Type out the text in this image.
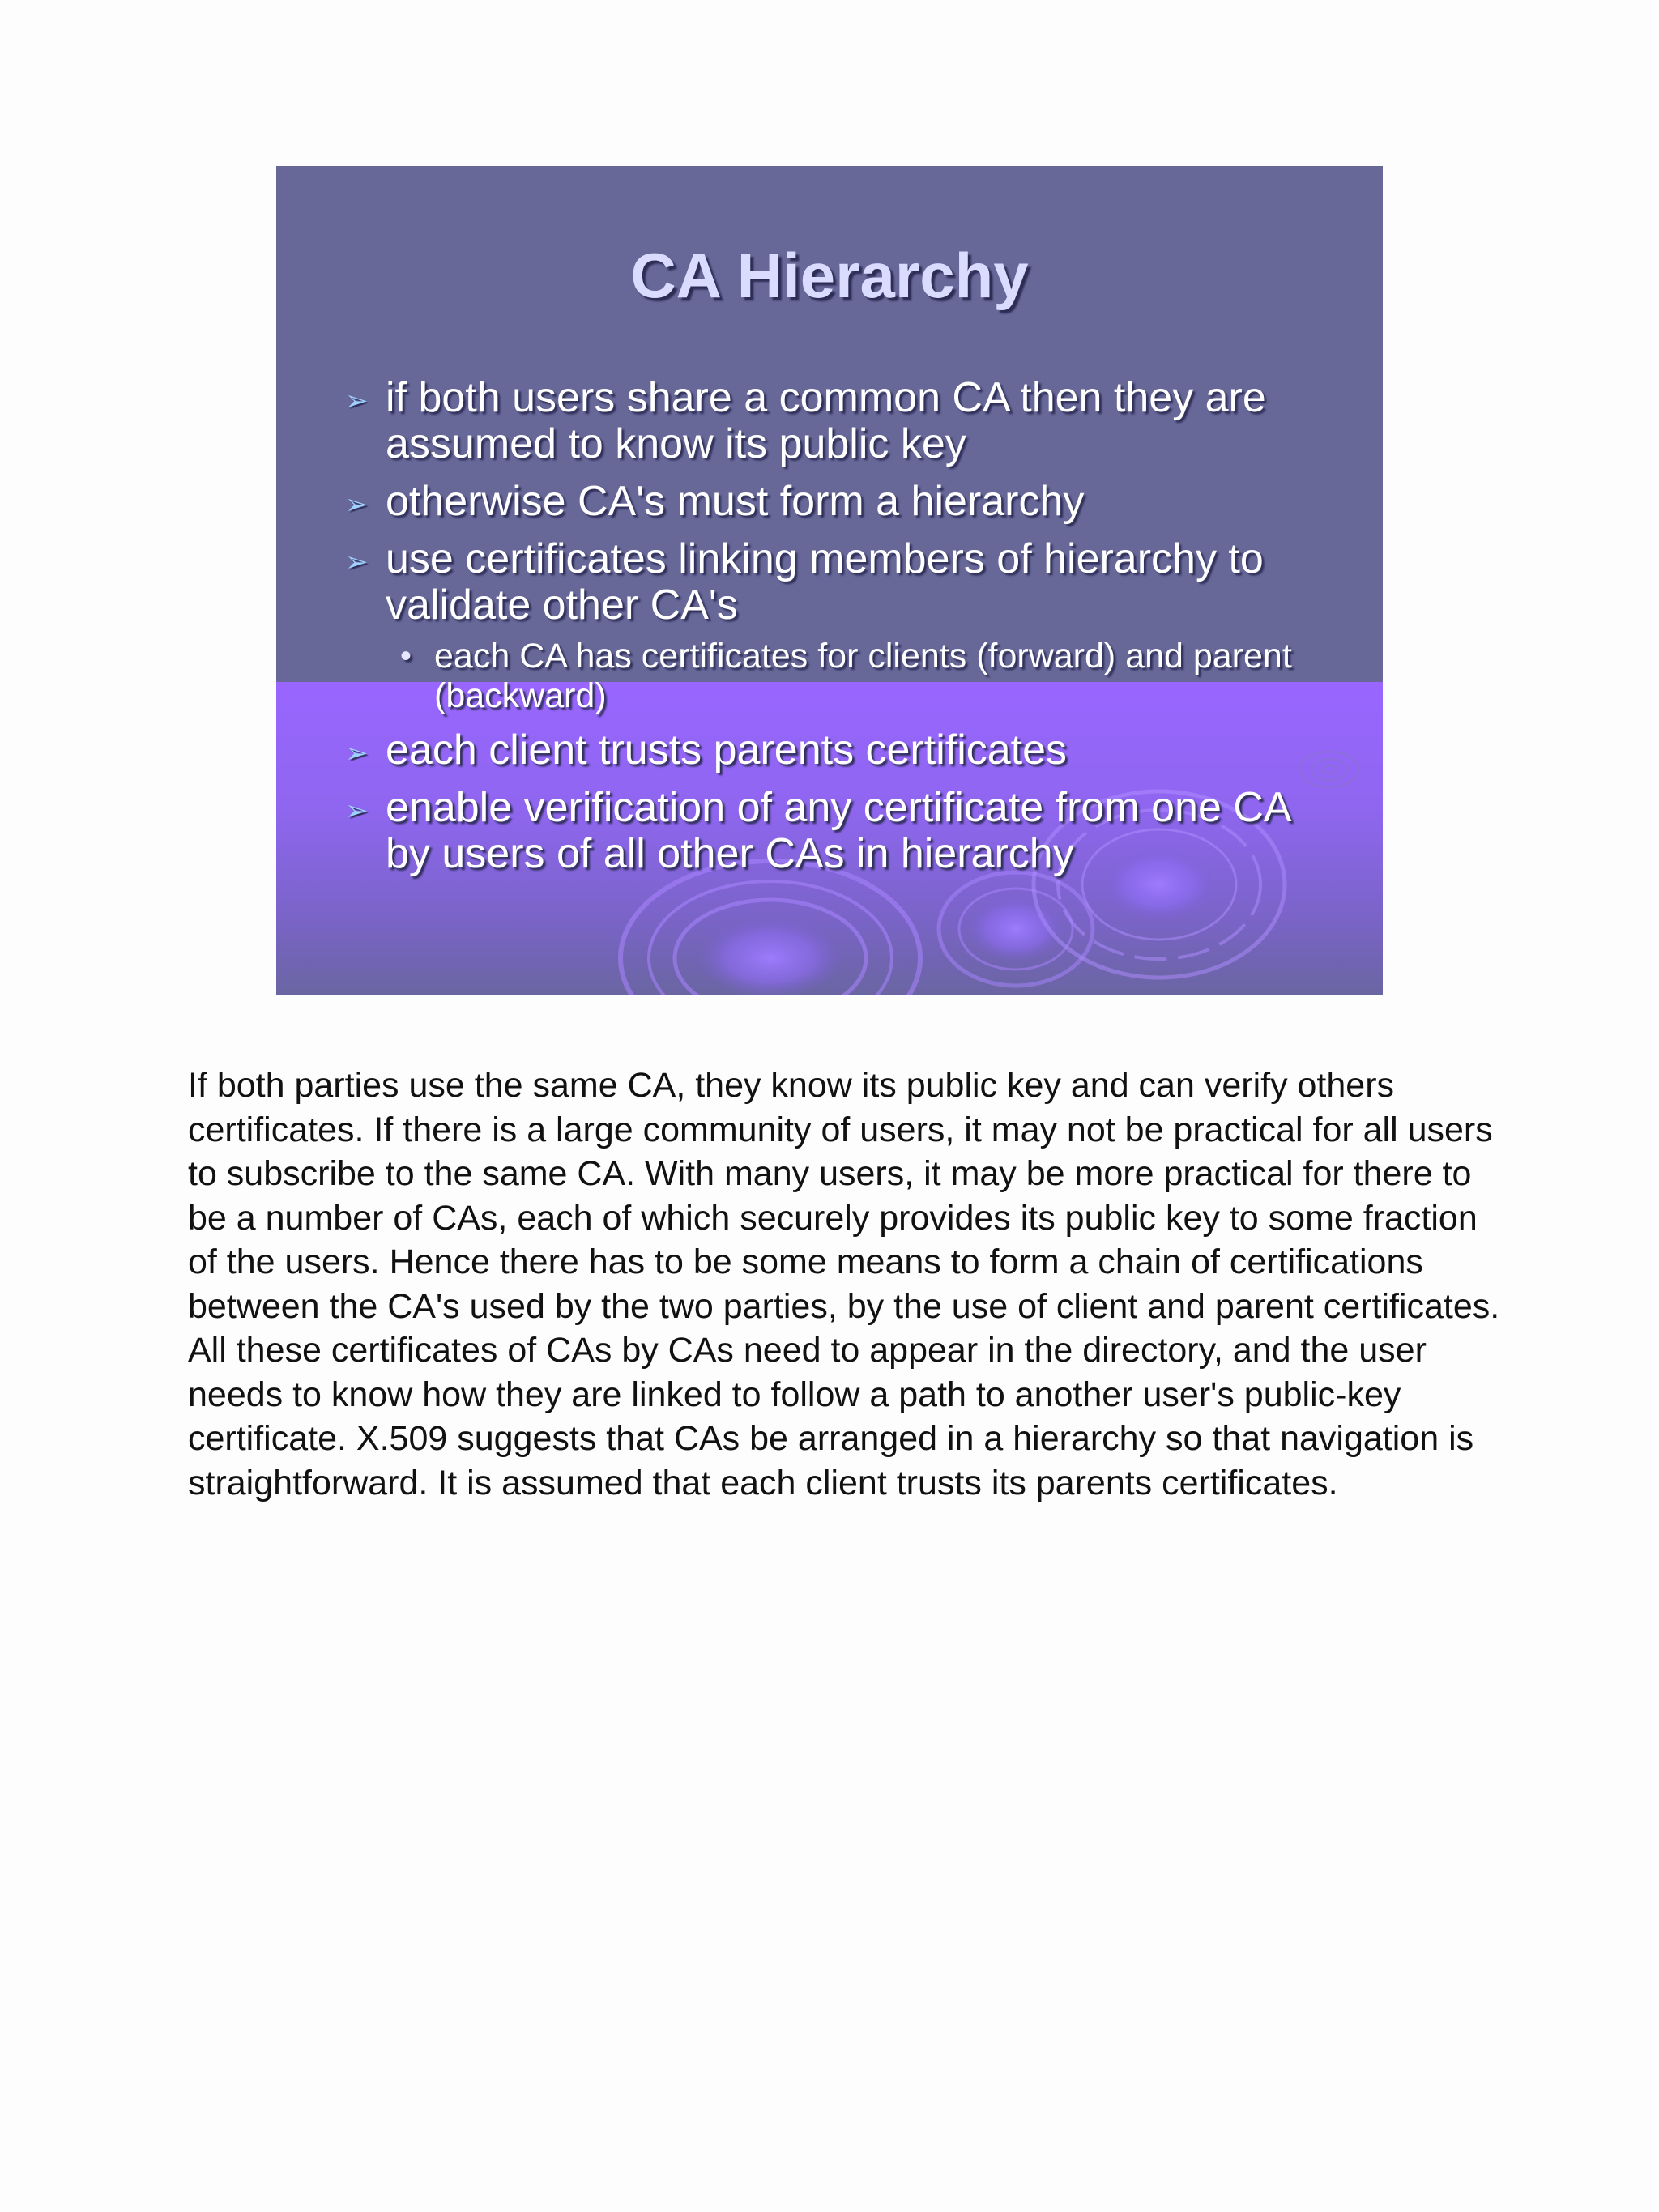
CA Hierarchy
➢ if both users share a common CA then they are assumed to know its public key
➢ otherwise CA's must form a hierarchy
➢ use certificates linking members of hierarchy to validate other CA's
• each CA has certificates for clients (forward) and parent (backward)
➢ each client trusts parents certificates
➢ enable verification of any certificate from one CA by users of all other CAs in hierarchy

If both parties use the same CA, they know its public key and can verify others certificates. If there is a large community of users, it may not be practical for all users to subscribe to the same CA. With many users, it may be more practical for there to be a number of CAs, each of which securely provides its public key to some fraction of the users. Hence there has to be some means to form a chain of certifications between the CA's used by the two parties, by the use of client and parent certificates. All these certificates of CAs by CAs need to appear in the directory, and the user needs to know how they are linked to follow a path to another user's public-key certificate. X.509 suggests that CAs be arranged in a hierarchy so that navigation is straightforward. It is assumed that each client trusts its parents certificates.
